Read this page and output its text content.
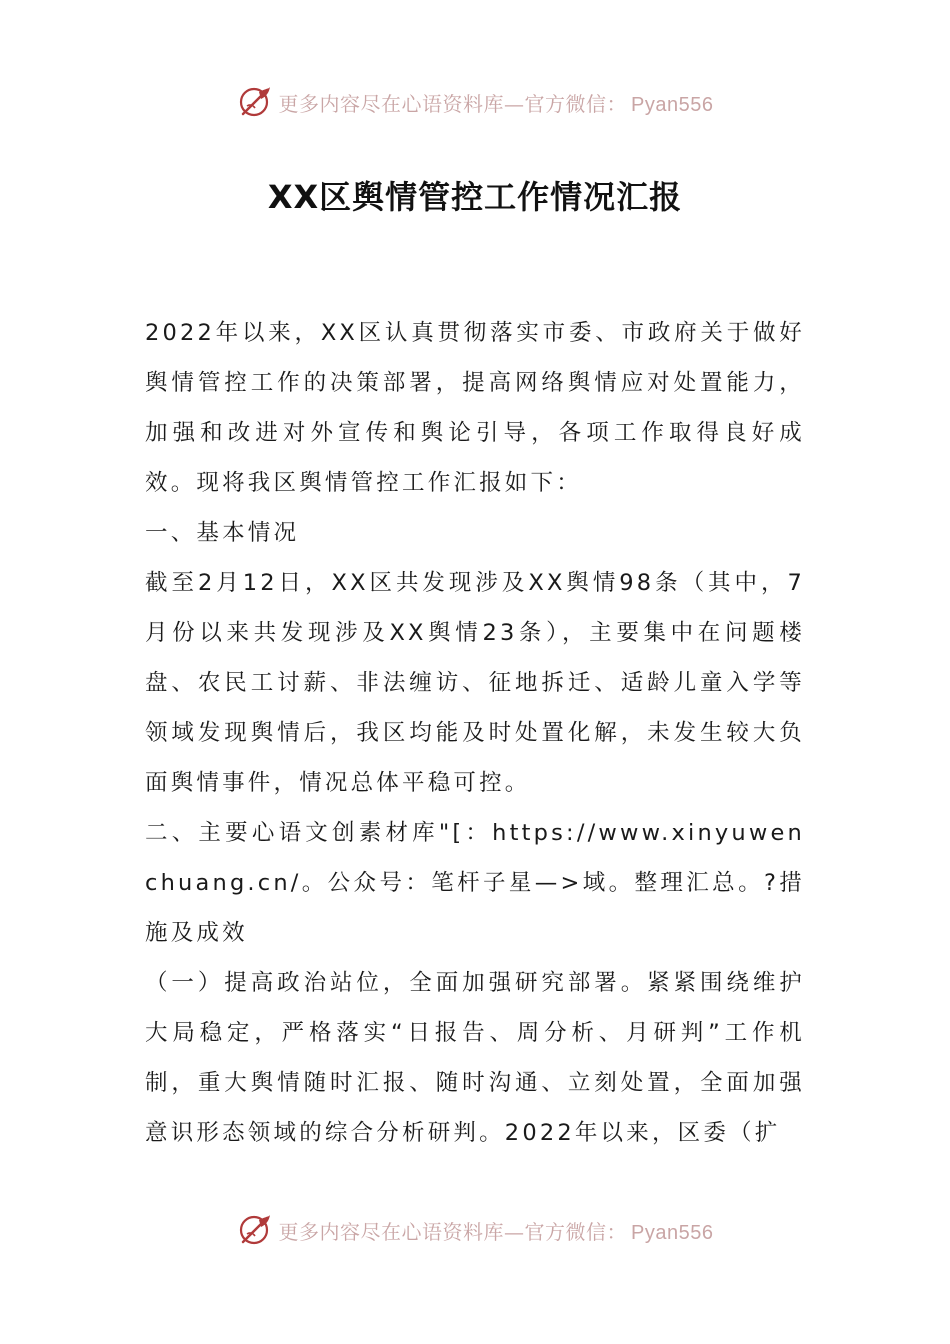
更多内容尽在心语资料库—官方微信： Pyan556
XX区舆情管控工作情况汇报

2022年以来，XX区认真贯彻落实市委、市政府关于做好舆情管控工作的决策部署，提高网络舆情应对处置能力，加强和改进对外宣传和舆论引导，各项工作取得良好成效。现将我区舆情管控工作汇报如下：

一、基本情况

截至2月12日，XX区共发现涉及XX舆情98条（其中，7月份以来共发现涉及XX舆情23条），主要集中在问题楼盘、农民工讨薪、非法缠访、征地拆迁、适龄儿童入学等领域发现舆情后，我区均能及时处置化解，未发生较大负面舆情事件，情况总体平稳可控。

二、主要心语文创素材库"[：https://www.xinyuwenchuang.cn/。公众号：笔杆子星—>域。整理汇总。?措施及成效

（一）提高政治站位，全面加强研究部署。紧紧围绕维护大局稳定，严格落实“日报告、周分析、月研判”工作机制，重大舆情随时汇报、随时沟通、立刻处置，全面加强意识形态领域的综合分析研判。2022年以来，区委（扩

更多内容尽在心语资料库—官方微信： Pyan556
